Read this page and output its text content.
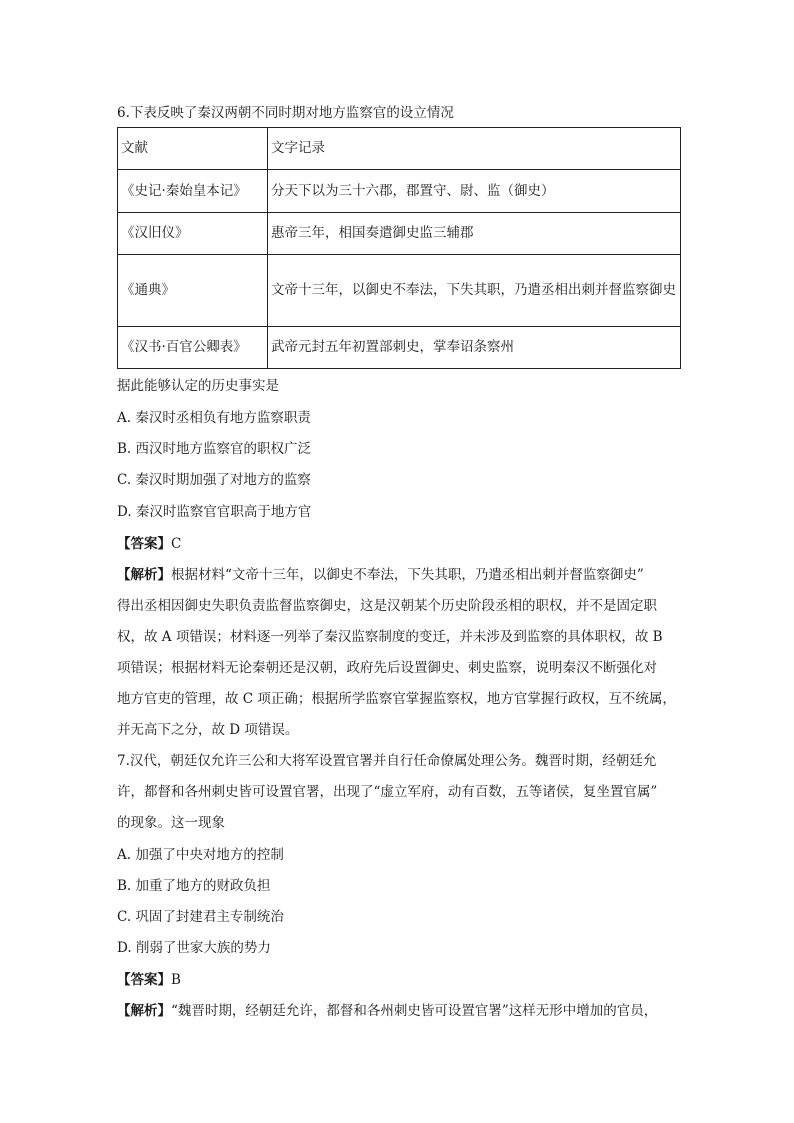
6.下表反映了秦汉两朝不同时期对地方监察官的设立情况
文献	文字记录
《史记·秦始皇本记》	分天下以为三十六郡，郡置守、尉、监（御史）
《汉旧仪》	惠帝三年，相国奏遣御史监三辅郡
《通典》	文帝十三年，以御史不奉法，下失其职，乃遣丞相出刺并督监察御史
《汉书·百官公卿表》	武帝元封五年初置部刺史，掌奉诏条察州
据此能够认定的历史事实是
A. 秦汉时丞相负有地方监察职责
B. 西汉时地方监察官的职权广泛
C. 秦汉时期加强了对地方的监察
D. 秦汉时监察官官职高于地方官
【答案】C
【解析】根据材料“文帝十三年，以御史不奉法，下失其职，乃遣丞相出刺并督监察御史”
得出丞相因御史失职负责监督监察御史，这是汉朝某个历史阶段丞相的职权，并不是固定职
权，故 A 项错误；材料逐一列举了秦汉监察制度的变迁，并未涉及到监察的具体职权，故 B
项错误；根据材料无论秦朝还是汉朝，政府先后设置御史、刺史监察，说明秦汉不断强化对
地方官吏的管理，故 C 项正确；根据所学监察官掌握监察权，地方官掌握行政权，互不统属，
并无高下之分，故 D 项错误。
7.汉代，朝廷仅允许三公和大将军设置官署并自行任命僚属处理公务。魏晋时期，经朝廷允
许，都督和各州刺史皆可设置官署，出现了“虚立军府，动有百数，五等诸侯，复坐置官属”
的现象。这一现象
A. 加强了中央对地方的控制
B. 加重了地方的财政负担
C. 巩固了封建君主专制统治
D. 削弱了世家大族的势力
【答案】B
【解析】“魏晋时期，经朝廷允许，都督和各州刺史皆可设置官署”这样无形中增加的官员，
